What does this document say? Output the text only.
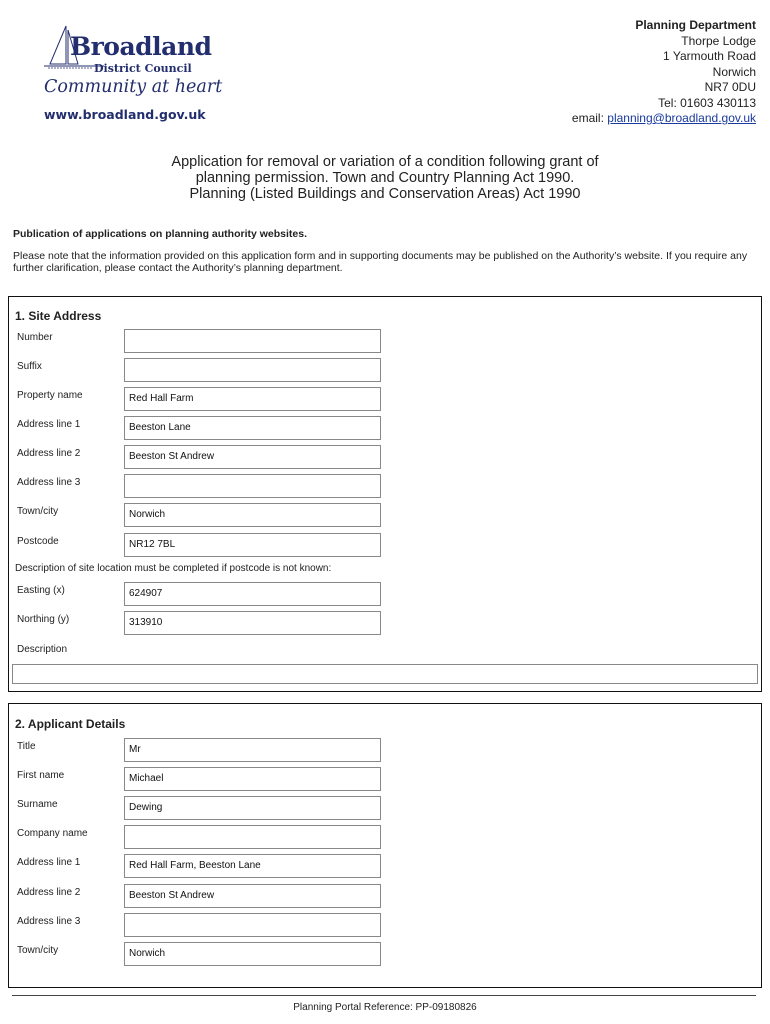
Broadland
District Council
Community at heart
www.broadland.gov.uk
Planning Department
Thorpe Lodge
1 Yarmouth Road
Norwich
NR7 0DU
Tel: 01603 430113
email: planning@broadland.gov.uk
Application for removal or variation of a condition following grant of
planning permission. Town and Country Planning Act 1990.
Planning (Listed Buildings and Conservation Areas) Act 1990
Publication of applications on planning authority websites.
Please note that the information provided on this application form and in supporting documents may be published on the Authority’s website. If you require any further clarification, please contact the Authority’s planning department.
1. Site Address
Number
Suffix
Property name	Red Hall Farm
Address line 1	Beeston Lane
Address line 2	Beeston St Andrew
Address line 3
Town/city	Norwich
Postcode	NR12 7BL
Description of site location must be completed if postcode is not known:
Easting (x)	624907
Northing (y)	313910
Description
2. Applicant Details
Title	Mr
First name	Michael
Surname	Dewing
Company name
Address line 1	Red Hall Farm, Beeston Lane
Address line 2	Beeston St Andrew
Address line 3
Town/city	Norwich
Planning Portal Reference: PP-09180826
